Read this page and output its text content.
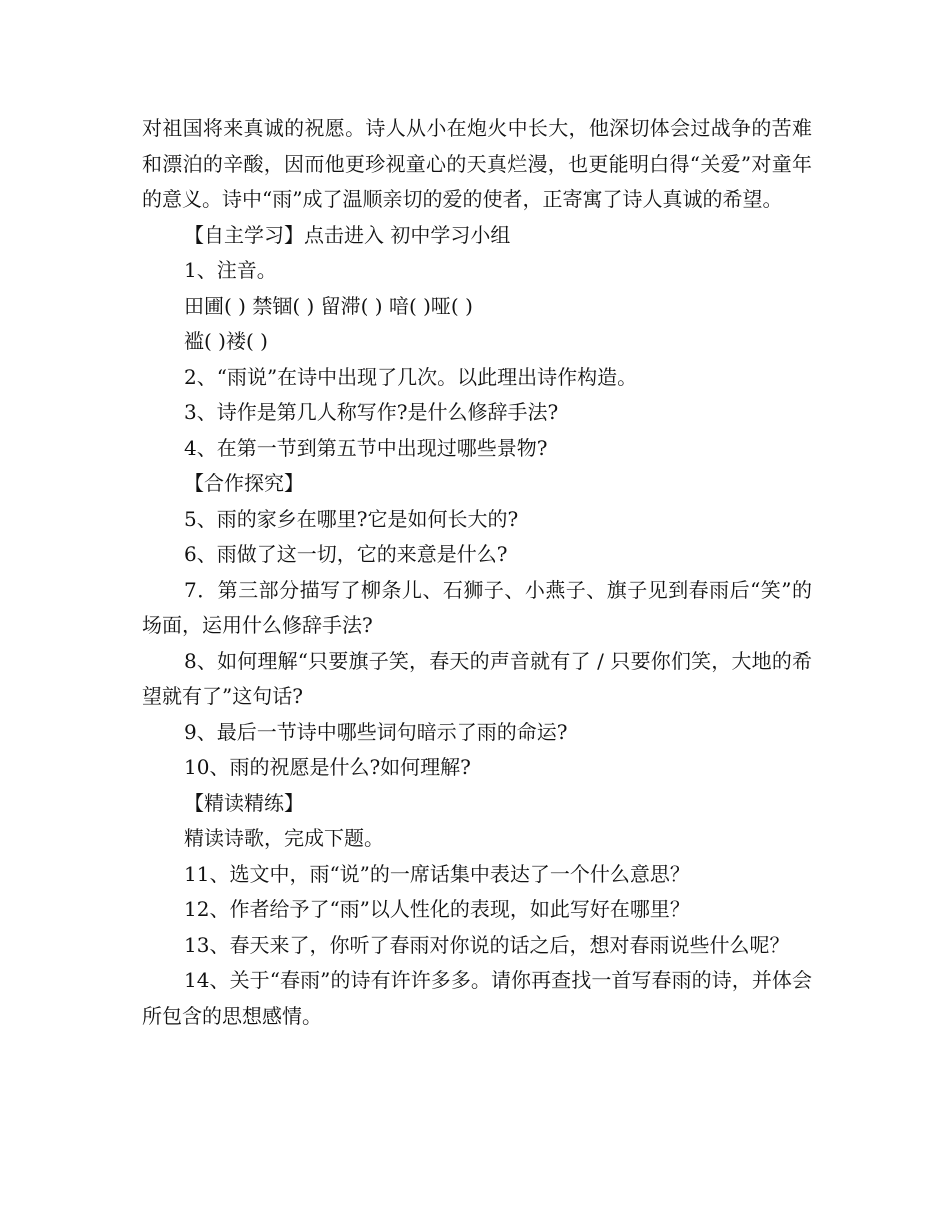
对祖国将来真诚的祝愿。诗人从小在炮火中长大，他深切体会过战争的苦难和漂泊的辛酸，因而他更珍视童心的天真烂漫，也更能明白得“关爱”对童年的意义。诗中“雨”成了温顺亲切的爱的使者，正寄寓了诗人真诚的希望。

【自主学习】点击进入 初中学习小组

1、注音。

田圃( ) 禁锢( ) 留滞( ) 喑( )哑( )

褴( )褛( )

2、“雨说”在诗中出现了几次。以此理出诗作构造。

3、诗作是第几人称写作?是什么修辞手法?

4、在第一节到第五节中出现过哪些景物?

【合作探究】

5、雨的家乡在哪里?它是如何长大的?

6、雨做了这一切，它的来意是什么?

7．第三部分描写了柳条儿、石狮子、小燕子、旗子见到春雨后“笑”的场面，运用什么修辞手法?

8、如何理解“只要旗子笑，春天的声音就有了 / 只要你们笑，大地的希望就有了”这句话?

9、最后一节诗中哪些词句暗示了雨的命运?

10、雨的祝愿是什么?如何理解?

【精读精练】

精读诗歌，完成下题。

11、选文中，雨“说”的一席话集中表达了一个什么意思？

12、作者给予了“雨”以人性化的表现，如此写好在哪里？

13、春天来了，你听了春雨对你说的话之后，想对春雨说些什么呢？

14、关于“春雨”的诗有许许多多。请你再查找一首写春雨的诗，并体会所包含的思想感情。
